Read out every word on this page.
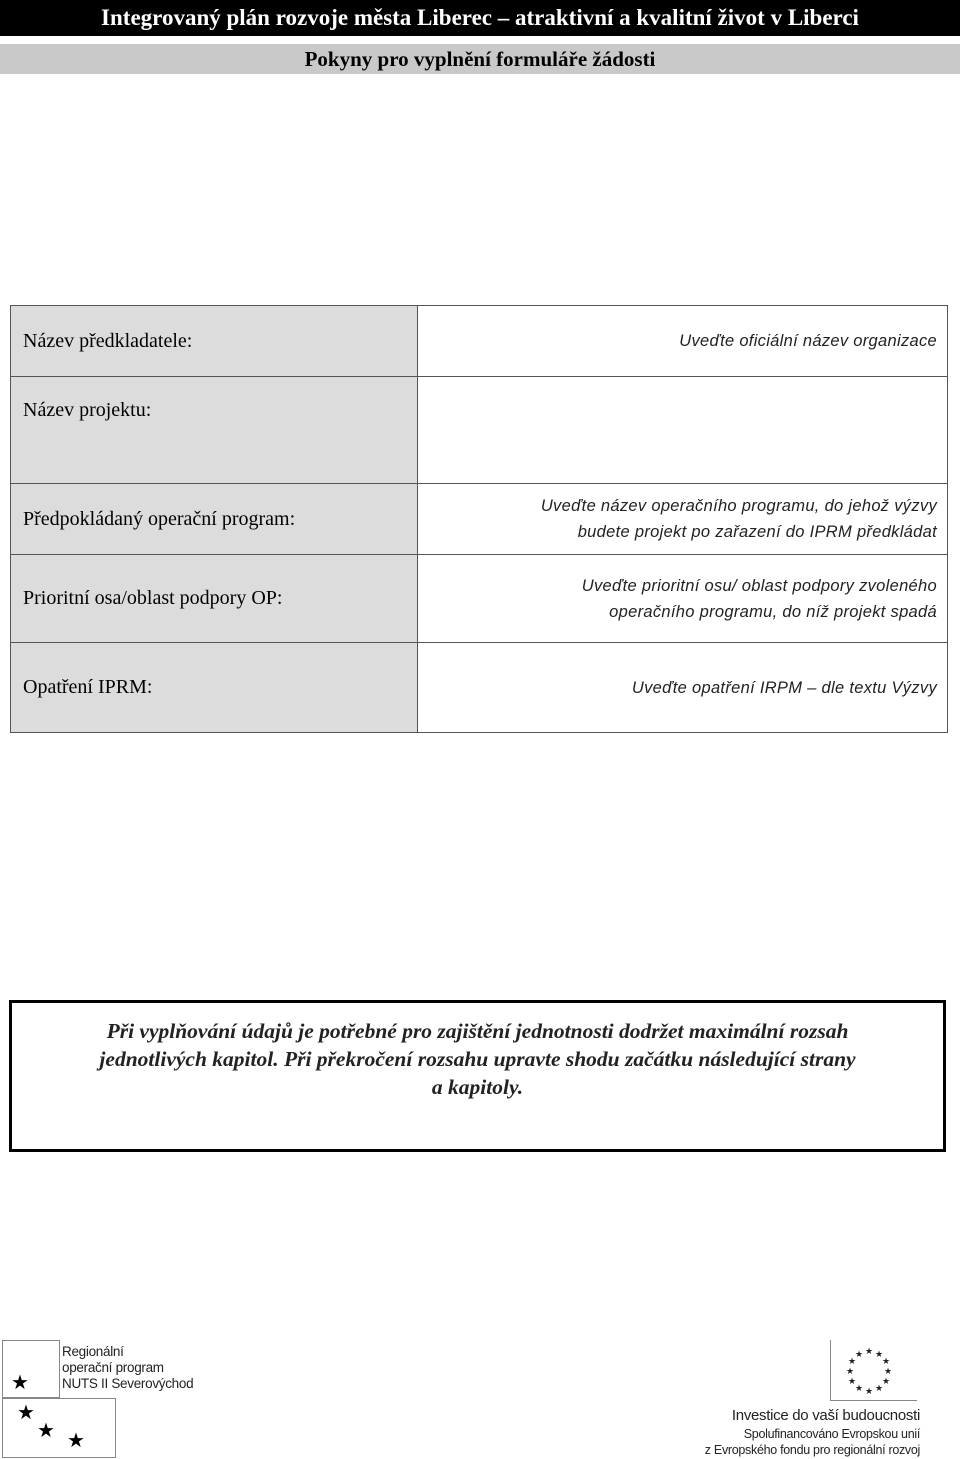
Integrovaný plán rozvoje města Liberec – atraktivní a kvalitní život v Liberci
Pokyny pro vyplnění formuláře žádosti
Název předkladatele:	Uveďte oficiální název organizace
Název projektu:	
Předpokládaný operační program:	Uveďte název operačního programu, do jehož výzvy
budete projekt po zařazení do IPRM předkládat

Prioritní osa/oblast podpory OP:	Uveďte prioritní osu/ oblast podpory zvoleného
operačního programu, do níž projekt spadá

Opatření IPRM:	Uveďte opatření IRPM – dle textu Výzvy
Při vyplňování údajů je potřebné pro zajištění jednotnosti dodržet maximální rozsah
jednotlivých kapitol. Při překročení rozsahu upravte shodu začátku následující strany
a kapitoly.
★
★
★ ★
Regionální
operační program
NUTS II Severovýchod
★ ★
★
★
★
★
★
★
★
★
★
★
Investice do vaší budoucnosti
Spolufinancováno Evropskou unií
z Evropského fondu pro regionální rozvoj
